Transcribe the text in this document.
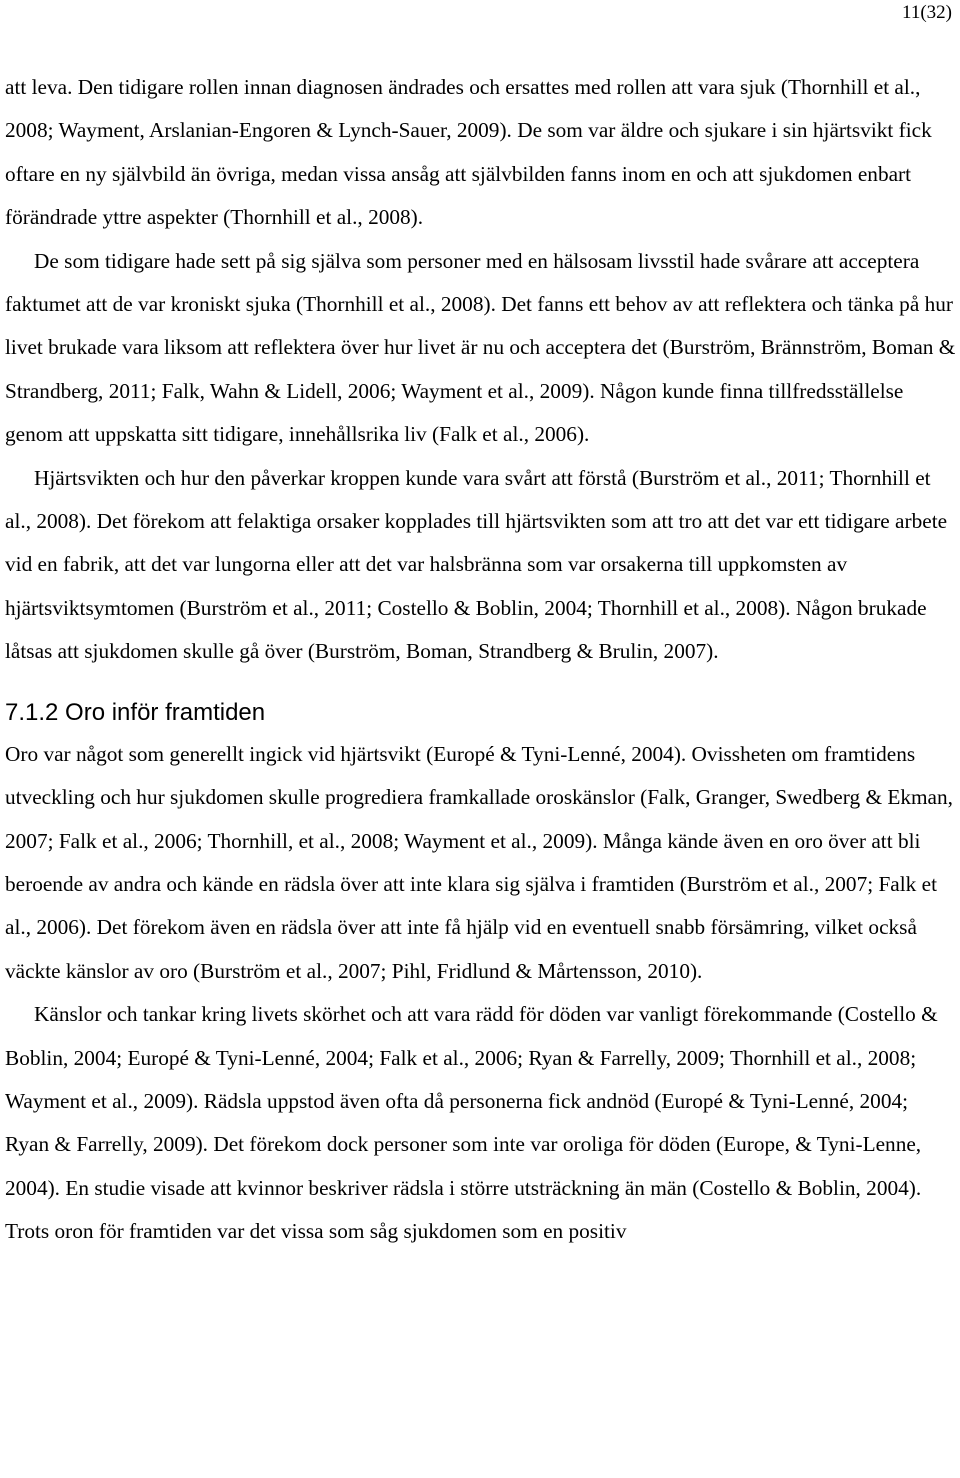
11(32)

att leva. Den tidigare rollen innan diagnosen ändrades och ersattes med rollen att vara sjuk (Thornhill et al., 2008; Wayment, Arslanian-Engoren & Lynch-Sauer, 2009). De som var äldre och sjukare i sin hjärtsvikt fick oftare en ny självbild än övriga, medan vissa ansåg att självbilden fanns inom en och att sjukdomen enbart förändrade yttre aspekter (Thornhill et al., 2008).

De som tidigare hade sett på sig själva som personer med en hälsosam livsstil hade svårare att acceptera faktumet att de var kroniskt sjuka (Thornhill et al., 2008). Det fanns ett behov av att reflektera och tänka på hur livet brukade vara liksom att reflektera över hur livet är nu och acceptera det (Burström, Brännström, Boman & Strandberg, 2011; Falk, Wahn & Lidell, 2006; Wayment et al., 2009). Någon kunde finna tillfredsställelse genom att uppskatta sitt tidigare, innehållsrika liv (Falk et al., 2006).

Hjärtsvikten och hur den påverkar kroppen kunde vara svårt att förstå (Burström et al., 2011; Thornhill et al., 2008). Det förekom att felaktiga orsaker kopplades till hjärtsvikten som att tro att det var ett tidigare arbete vid en fabrik, att det var lungorna eller att det var halsbränna som var orsakerna till uppkomsten av hjärtsviktsymtomen (Burström et al., 2011; Costello & Boblin, 2004; Thornhill et al., 2008). Någon brukade låtsas att sjukdomen skulle gå över (Burström, Boman, Strandberg & Brulin, 2007).

7.1.2 Oro inför framtiden

Oro var något som generellt ingick vid hjärtsvikt (Europé & Tyni-Lenné, 2004). Ovissheten om framtidens utveckling och hur sjukdomen skulle progrediera framkallade oroskänslor (Falk, Granger, Swedberg & Ekman, 2007; Falk et al., 2006; Thornhill, et al., 2008; Wayment et al., 2009). Många kände även en oro över att bli beroende av andra och kände en rädsla över att inte klara sig själva i framtiden (Burström et al., 2007; Falk et al., 2006). Det förekom även en rädsla över att inte få hjälp vid en eventuell snabb försämring, vilket också väckte känslor av oro (Burström et al., 2007; Pihl, Fridlund & Mårtensson, 2010).

Känslor och tankar kring livets skörhet och att vara rädd för döden var vanligt förekommande (Costello & Boblin, 2004; Europé & Tyni-Lenné, 2004; Falk et al., 2006; Ryan & Farrelly, 2009; Thornhill et al., 2008; Wayment et al., 2009). Rädsla uppstod även ofta då personerna fick andnöd (Europé & Tyni-Lenné, 2004; Ryan & Farrelly, 2009). Det förekom dock personer som inte var oroliga för döden (Europe, & Tyni-Lenne, 2004). En studie visade att kvinnor beskriver rädsla i större utsträckning än män (Costello & Boblin, 2004). Trots oron för framtiden var det vissa som såg sjukdomen som en positiv
